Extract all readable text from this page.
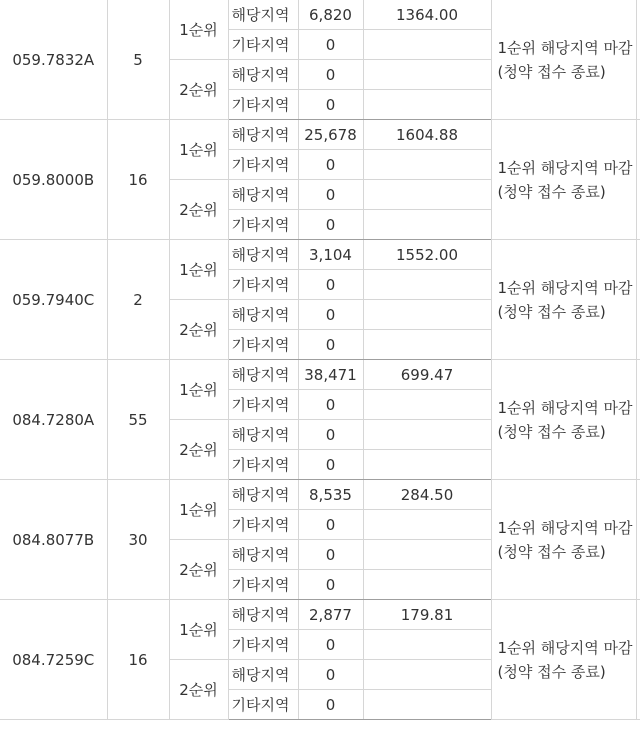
059.7832A	5	1순위	해당지역	6,820	1364.00	1순위 해당지역 마감(청약 접수 종료)	
			기타지역	0			
		2순위	해당지역	0			
			기타지역	0			
059.8000B	16	1순위	해당지역	25,678	1604.88	1순위 해당지역 마감(청약 접수 종료)	
			기타지역	0			
		2순위	해당지역	0			
			기타지역	0			
059.7940C	2	1순위	해당지역	3,104	1552.00	1순위 해당지역 마감(청약 접수 종료)	
			기타지역	0			
		2순위	해당지역	0			
			기타지역	0			
084.7280A	55	1순위	해당지역	38,471	699.47	1순위 해당지역 마감(청약 접수 종료)	
			기타지역	0			
		2순위	해당지역	0			
			기타지역	0			
084.8077B	30	1순위	해당지역	8,535	284.50	1순위 해당지역 마감(청약 접수 종료)	
			기타지역	0			
		2순위	해당지역	0			
			기타지역	0			
084.7259C	16	1순위	해당지역	2,877	179.81	1순위 해당지역 마감(청약 접수 종료)	
			기타지역	0			
		2순위	해당지역	0			
			기타지역	0			
